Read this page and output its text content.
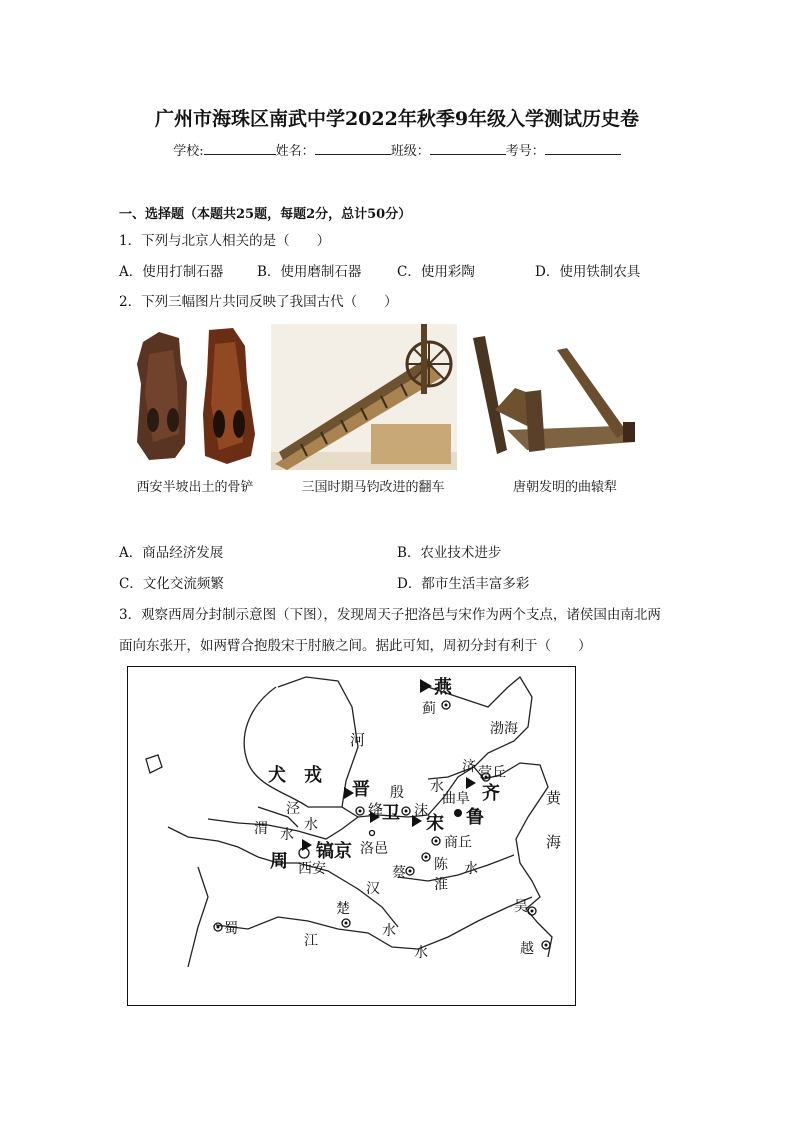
广州市海珠区南武中学2022年秋季9年级入学测试历史卷
学校:	姓名：	班级：	考号：
一、选择题（本题共25题，每题2分，总计50分）
1．下列与北京人相关的是（　　）
A．使用打制石器	B．使用磨制石器	C．使用彩陶	D．使用铁制农具
2．下列三幅图片共同反映了我国古代（　　）
西安半坡出土的骨铲	三国时期马钧改进的翻车	唐朝发明的曲辕犁
A．商品经济发展	B．农业技术进步
C．文化交流频繁	D．都市生活丰富多彩
3．观察西周分封制示意图（下图），发现周天子把洛邑与宋作为两个支点，诸侯国由南北两
面向东张开，如两臂合抱殷宋于肘腋之间。据此可知，周初分封有利于（　　）
燕
蓟
渤海
河
犬 戎
晋
绛
殷
济
水
营丘
齐	黄
海
泾
渭	水
水
卫 沫
曲阜
宋 鲁
周 镐京 洛邑	商丘
西安	蔡 陈
淮
水
汉
蜀
楚
江
水
水
吴
越
